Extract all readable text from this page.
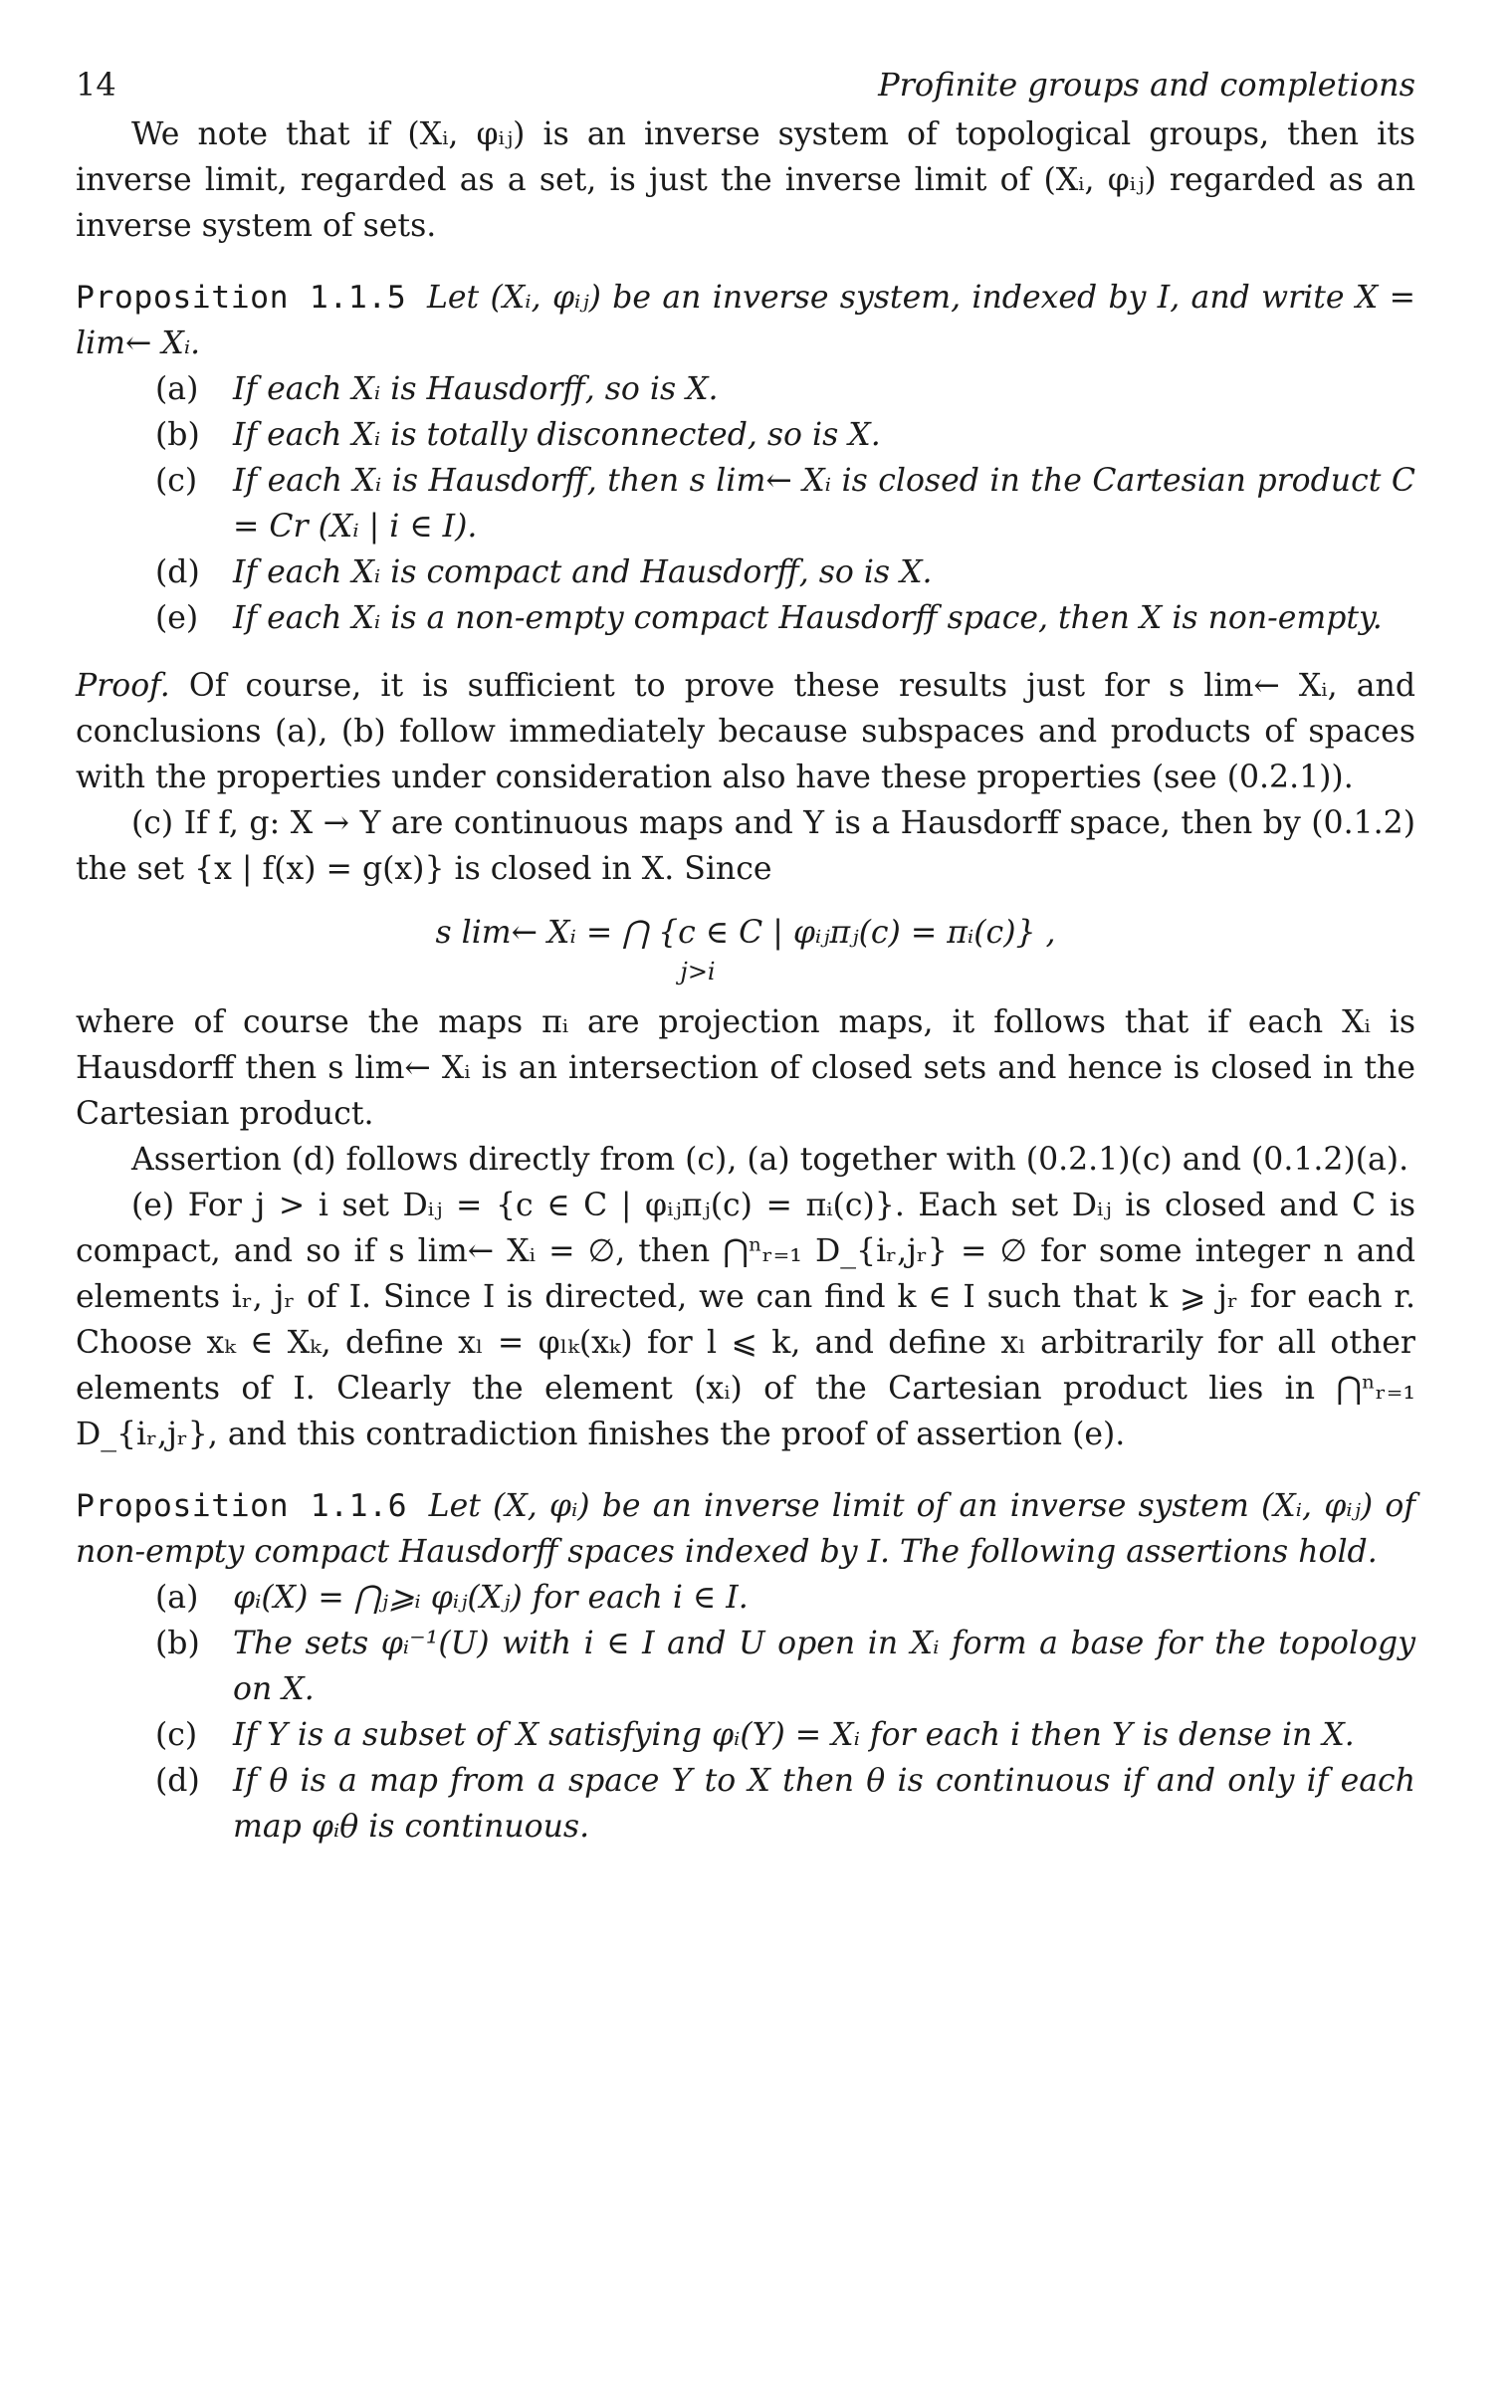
14	Profinite groups and completions

We note that if (Xᵢ, φᵢⱼ) is an inverse system of topological groups, then its inverse limit, regarded as a set, is just the inverse limit of (Xᵢ, φᵢⱼ) regarded as an inverse system of sets.

Proposition 1.1.5 Let (Xᵢ, φᵢⱼ) be an inverse system, indexed by I, and write X = lim← Xᵢ.

(a) If each Xᵢ is Hausdorff, so is X.
(b) If each Xᵢ is totally disconnected, so is X.
(c) If each Xᵢ is Hausdorff, then s lim← Xᵢ is closed in the Cartesian product C = Cr (Xᵢ | i ∈ I).
(d) If each Xᵢ is compact and Hausdorff, so is X.
(e) If each Xᵢ is a non-empty compact Hausdorff space, then X is non-empty.

Proof. Of course, it is sufficient to prove these results just for s lim← Xᵢ, and conclusions (a), (b) follow immediately because subspaces and products of spaces with the properties under consideration also have these properties (see (0.2.1)).

(c) If f, g: X → Y are continuous maps and Y is a Hausdorff space, then by (0.1.2) the set {x | f(x) = g(x)} is closed in X. Since

s lim← Xᵢ = ⋂ {c ∈ C | φᵢⱼπⱼ(c) = πᵢ(c)} ,
j>i

where of course the maps πᵢ are projection maps, it follows that if each Xᵢ is Hausdorff then s lim← Xᵢ is an intersection of closed sets and hence is closed in the Cartesian product.

Assertion (d) follows directly from (c), (a) together with (0.2.1)(c) and (0.1.2)(a).

(e) For j > i set Dᵢⱼ = {c ∈ C | φᵢⱼπⱼ(c) = πᵢ(c)}. Each set Dᵢⱼ is closed and C is compact, and so if s lim← Xᵢ = ∅, then ⋂ⁿᵣ₌₁ D_{iᵣ,jᵣ} = ∅ for some integer n and elements iᵣ, jᵣ of I. Since I is directed, we can find k ∈ I such that k ⩾ jᵣ for each r. Choose xₖ ∈ Xₖ, define xₗ = φₗₖ(xₖ) for l ⩽ k, and define xₗ arbitrarily for all other elements of I. Clearly the element (xᵢ) of the Cartesian product lies in ⋂ⁿᵣ₌₁ D_{iᵣ,jᵣ}, and this contradiction finishes the proof of assertion (e).

Proposition 1.1.6 Let (X, φᵢ) be an inverse limit of an inverse system (Xᵢ, φᵢⱼ) of non-empty compact Hausdorff spaces indexed by I. The following assertions hold.

(a) φᵢ(X) = ⋂ⱼ⩾ᵢ φᵢⱼ(Xⱼ) for each i ∈ I.
(b) The sets φᵢ⁻¹(U) with i ∈ I and U open in Xᵢ form a base for the topology on X.
(c) If Y is a subset of X satisfying φᵢ(Y) = Xᵢ for each i then Y is dense in X.
(d) If θ is a map from a space Y to X then θ is continuous if and only if each map φᵢθ is continuous.
